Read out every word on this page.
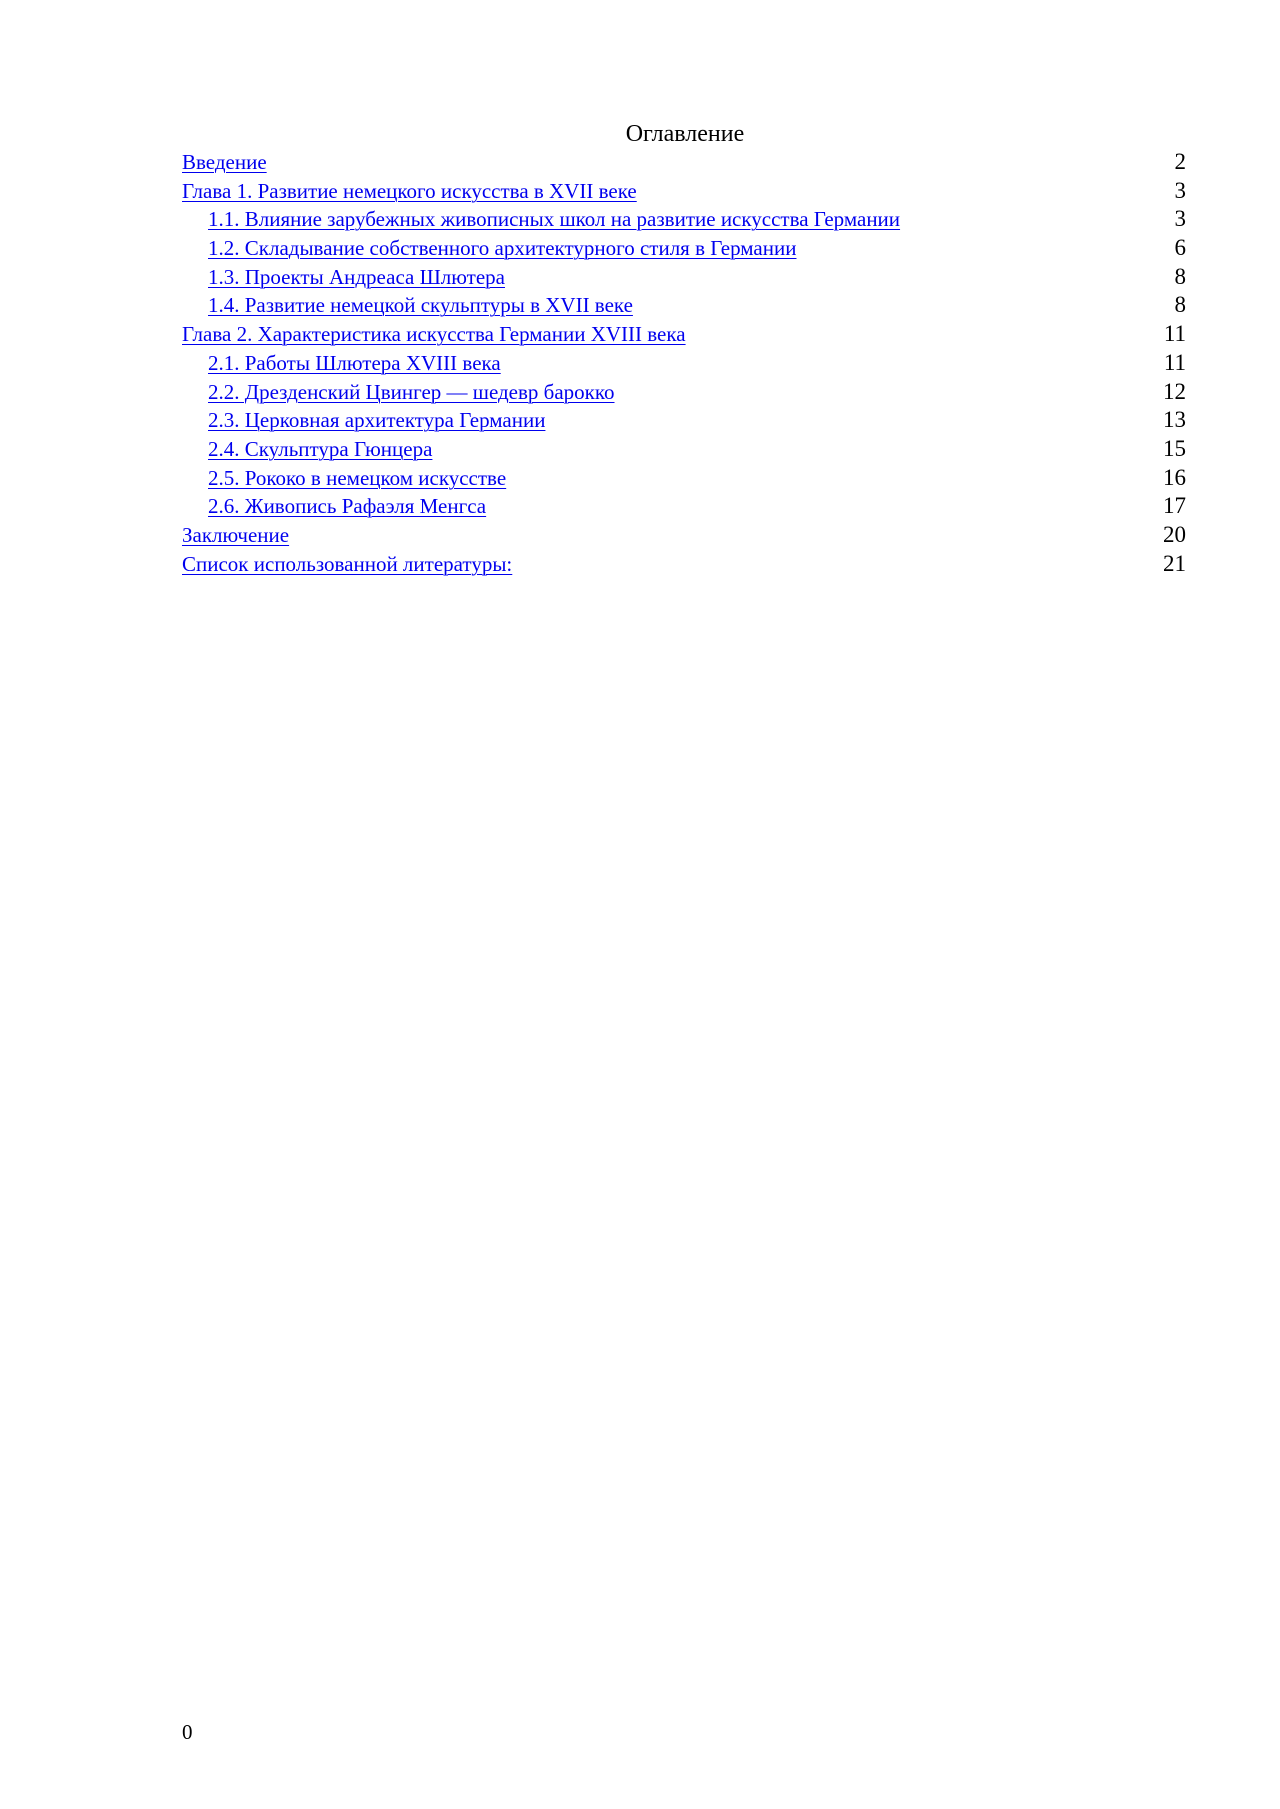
Оглавление
Введение	2
Глава 1. Развитие немецкого искусства в XVII веке	3
1.1. Влияние зарубежных живописных школ на развитие искусства Германии	3
1.2. Складывание собственного архитектурного стиля в Германии	6
1.3. Проекты Андреаса Шлютера	8
1.4. Развитие немецкой скульптуры в XVII веке	8
Глава 2. Характеристика искусства Германии XVIII века	11
2.1. Работы Шлютера XVIII века	11
2.2. Дрезденский Цвингер — шедевр барокко	12
2.3. Церковная архитектура Германии	13
2.4. Скульптура Гюнцера	15
2.5. Рококо в немецком искусстве	16
2.6. Живопись Рафаэля Менгса	17
Заключение	20
Список использованной литературы:	21
0
